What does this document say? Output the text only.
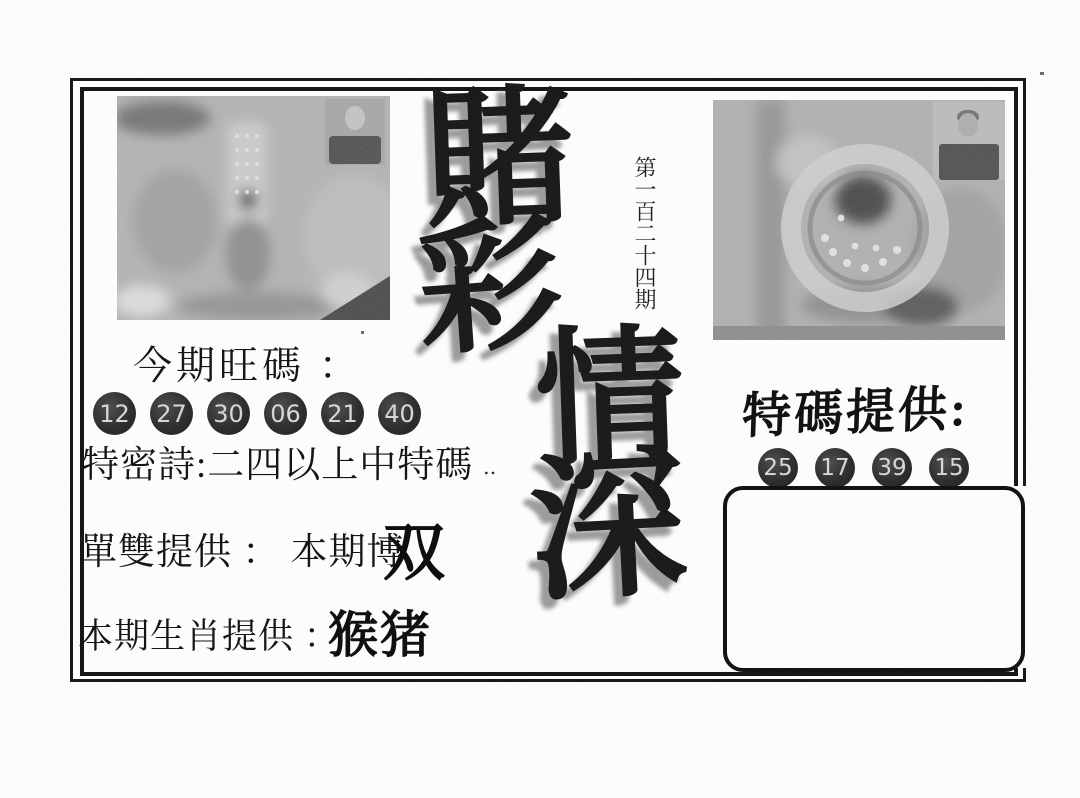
賭
彩
情
深
第一百二十四期
今期旺碼 ：
12 27 30 06 21 40
特密詩:二四以上中特碼 ‥
單雙提供 ： 本期博
双
本期生肖提供 ：
猴猪
特碼提供:
25 17 39 15
